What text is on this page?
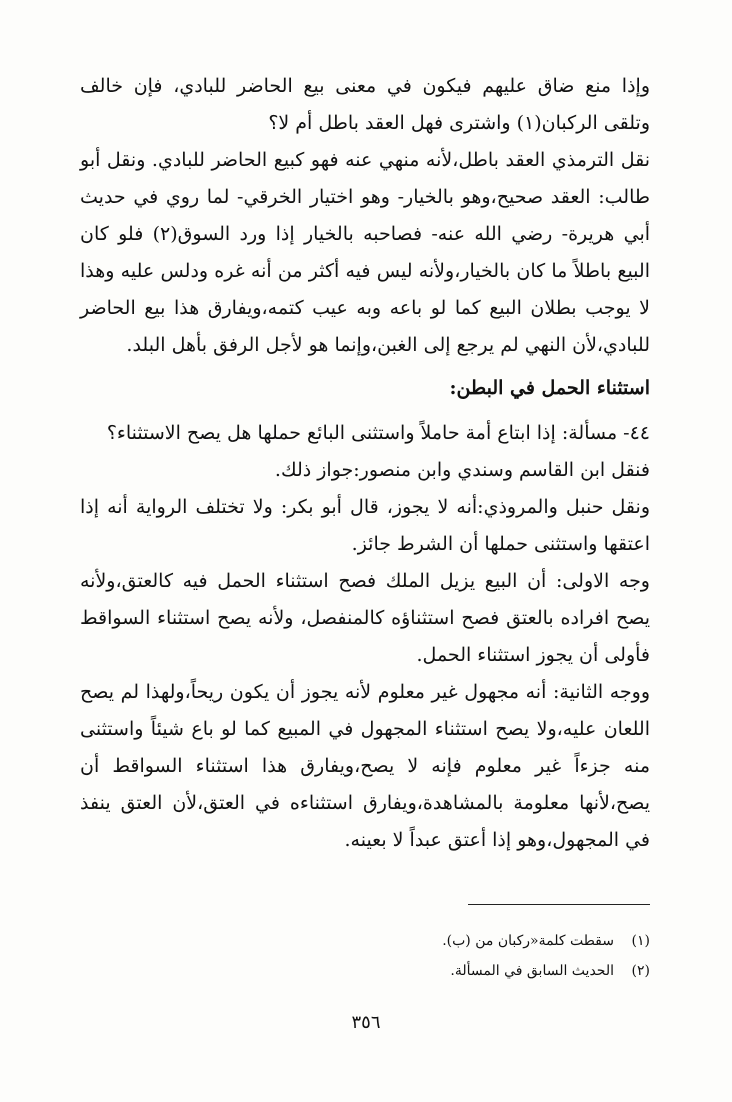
وإذا منع ضاق عليهم فيكون في معنى بيع الحاضر للبادي، فإن خالف وتلقى الركبان(١) واشترى فهل العقد باطل أم لا؟

نقل الترمذي العقد باطل،لأنه منهي عنه فهو كبيع الحاضر للبادي. ونقل أبو طالب: العقد صحيح،وهو بالخيار- وهو اختيار الخرقي- لما روي في حديث أبي هريرة- رضي الله عنه- فصاحبه بالخيار إذا ورد السوق(٢) فلو كان البيع باطلاً ما كان بالخيار،ولأنه ليس فيه أكثر من أنه غره ودلس عليه وهذا لا يوجب بطلان البيع كما لو باعه وبه عيب كتمه،ويفارق هذا بيع الحاضر للبادي،لأن النهي لم يرجع إلى الغبن،وإنما هو لأجل الرفق بأهل البلد.

استثناء الحمل في البطن:

٤٤- مسألة: إذا ابتاع أمة حاملاً واستثنى البائع حملها هل يصح الاستثناء؟

فنقل ابن القاسم وسندي وابن منصور:جواز ذلك.

ونقل حنبل والمروذي:أنه لا يجوز، قال أبو بكر: ولا تختلف الرواية أنه إذا اعتقها واستثنى حملها أن الشرط جائز.

وجه الاولى: أن البيع يزيل الملك فصح استثناء الحمل فيه كالعتق،ولأنه يصح افراده بالعتق فصح استثناؤه كالمنفصل، ولأنه يصح استثناء السواقط فأولى أن يجوز استثناء الحمل.

ووجه الثانية: أنه مجهول غير معلوم لأنه يجوز أن يكون ريحاً،ولهذا لم يصح اللعان عليه،ولا يصح استثناء المجهول في المبيع كما لو باع شيئاً واستثنى منه جزءاً غير معلوم فإنه لا يصح،ويفارق هذا استثناء السواقط أن يصح،لأنها معلومة بالمشاهدة،ويفارق استثناءه في العتق،لأن العتق ينفذ في المجهول،وهو إذا أعتق عبداً لا بعينه.

(١)
سقطت كلمة«ركبان من (ب).
(٢)
الحديث السابق في المسألة.
٣٥٦
